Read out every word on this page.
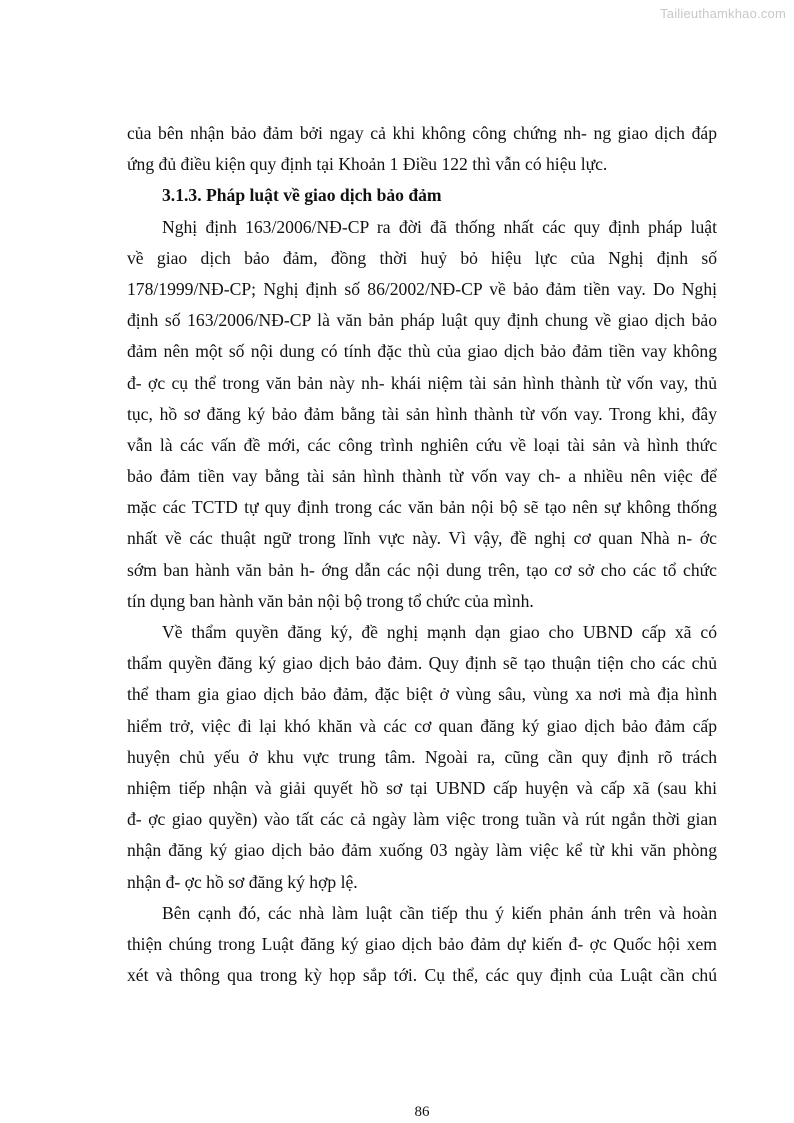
Tailieuthamkhao.com
của bên nhận bảo đảm bởi ngay cả khi không công chứng nh- ng giao dịch đáp
ứng đủ điều kiện quy định tại Khoản 1 Điều 122 thì vẫn có hiệu lực.
3.1.3. Pháp luật về giao dịch bảo đảm
Nghị định 163/2006/NĐ-CP ra đời đã thống nhất các quy định pháp luật
về giao dịch bảo đảm, đồng thời huỷ bỏ hiệu lực của Nghị định số
178/1999/NĐ-CP; Nghị định số 86/2002/NĐ-CP về bảo đảm tiền vay. Do Nghị
định số 163/2006/NĐ-CP là văn bản pháp luật quy định chung về giao dịch bảo
đảm nên một số nội dung có tính đặc thù của giao dịch bảo đảm tiền vay không
đ- ợc cụ thể trong văn bản này nh- khái niệm tài sản hình thành từ vốn vay, thủ
tục, hồ sơ đăng ký bảo đảm bằng tài sản hình thành từ vốn vay. Trong khi, đây
vẫn là các vấn đề mới, các công trình nghiên cứu về loại tài sản và hình thức
bảo đảm tiền vay bằng tài sản hình thành từ vốn vay ch- a nhiều nên việc để
mặc các TCTD tự quy định trong các văn bản nội bộ sẽ tạo nên sự không thống
nhất về các thuật ngữ trong lĩnh vực này. Vì vậy, đề nghị cơ quan Nhà n- ớc
sớm ban hành văn bản h- ớng dẫn các nội dung trên, tạo cơ sở cho các tổ chức
tín dụng ban hành văn bản nội bộ trong tổ chức của mình.
Về thẩm quyền đăng ký, đề nghị mạnh dạn giao cho UBND cấp xã có
thẩm quyền đăng ký giao dịch bảo đảm. Quy định sẽ tạo thuận tiện cho các chủ
thể tham gia giao dịch bảo đảm, đặc biệt ở vùng sâu, vùng xa nơi mà địa hình
hiểm trở, việc đi lại khó khăn và các cơ quan đăng ký giao dịch bảo đảm cấp
huyện chủ yếu ở khu vực trung tâm. Ngoài ra, cũng cần quy định rõ trách
nhiệm tiếp nhận và giải quyết hồ sơ tại UBND cấp huyện và cấp xã (sau khi
đ- ợc giao quyền) vào tất các cả ngày làm việc trong tuần và rút ngắn thời gian
nhận đăng ký giao dịch bảo đảm xuống 03 ngày làm việc kể từ khi văn phòng
nhận đ- ợc hồ sơ đăng ký hợp lệ.
Bên cạnh đó, các nhà làm luật cần tiếp thu ý kiến phản ánh trên và hoàn
thiện chúng trong Luật đăng ký giao dịch bảo đảm dự kiến đ- ợc Quốc hội xem
xét và thông qua trong kỳ họp sắp tới. Cụ thể, các quy định của Luật cần chú
86
